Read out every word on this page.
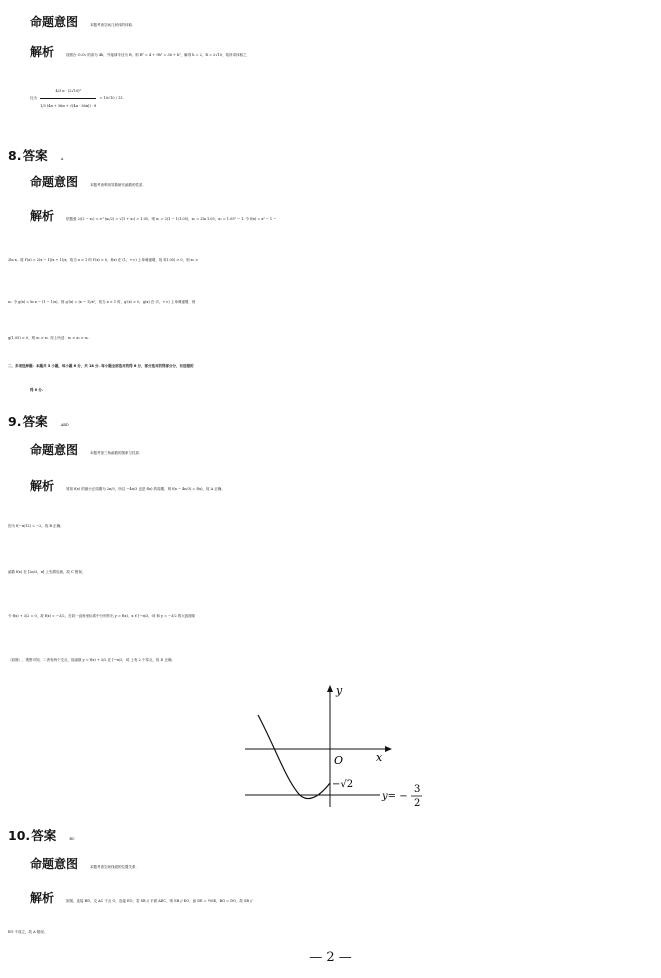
命题意图	本题考查空间几何体的体积.
解析	设圆台 O₁O₂ 的高为 4h，外接球半径为 R，则 R² = 4 + 9h² = 36 + h²，解得 h = 2，R = 2√10，故所求体积之
比为 $\frac{\text{4/3 π · (2√10)³}}{1/3 (4\pi + 36\pi + √(4\pi \cdot 36\pi)) \cdot 8} = 10√10 / 13$.
8. 答案	A
命题意图	本题考查利用导数研究函数的性质.
解析	依题意 2/(2 − x₁) = e^(x₂/2) = √(1 + x₃) = 1.05，则 x₁ = 2(1 − 1/1.05)，x₂ = 2ln 1.05，x₃ = 1.05² − 1. 令 f(x) = x² − 1 −
2ln x，故 f′(x) = 2(x − 1)(x + 1)/x，故当 x > 1 时 f′(x) > 0，f(x) 在 (1，+∞) 上单调递增，故 f(1.05) > 0，则 x₃ >
x₂. 令 g(x) = ln x − (1 − 1/x)，则 g′(x) = (x − 1)/x²，故当 x > 1 时，g′(x) > 0，g(x) 在 (1，+∞) 上单调递增，则
g(1.05) > 0，则 x₂ > x₁. 综上所述：x₃ > x₂ > x₁.
二、多项选择题：本题共 3 小题，每小题 6 分，共 18 分. 每小题全部选对的得 6 分，部分选对的得部分分，有选错的
得 0 分.
9. 答案	ABD
命题意图	本题考查三角函数的图象与性质.
解析	易知 f(x) 的最小正周期为 2π/3，所以 −4π/3 也是 f(x) 的周期，则 f(x − 4π/3) = f(x)，故 A 正确；
因为 f(−π/12) = −2，故 B 正确；
函数 f(x) 在 [2π/3，π] 上先增后减，故 C 错误；
令 f(x) + 3/2 = 0，故 f(x) = −3/2，在同一直角坐标系中分别作出 y = f(x)，x ∈ [−π/3，0] 和 y = −3/2 的大致图象
（如图），观察可知，二者有两个交点，故函数 y = f(x) + 3/2 在 [−π/3，0] 上有 2 个零点，故 D 正确.
y
x
O
−√2
y= −
3
2
10. 答案	BC
命题意图	本题考查空间线面的位置关系.
解析	如图，连接 BD，交 AC 于点 O，连接 EO，若 SB // 平面 AEC，则 SB // EO，而 DE = ½SE，BO = DO，故 SB //
EO 不成立，故 A 错误；
— 2 —
